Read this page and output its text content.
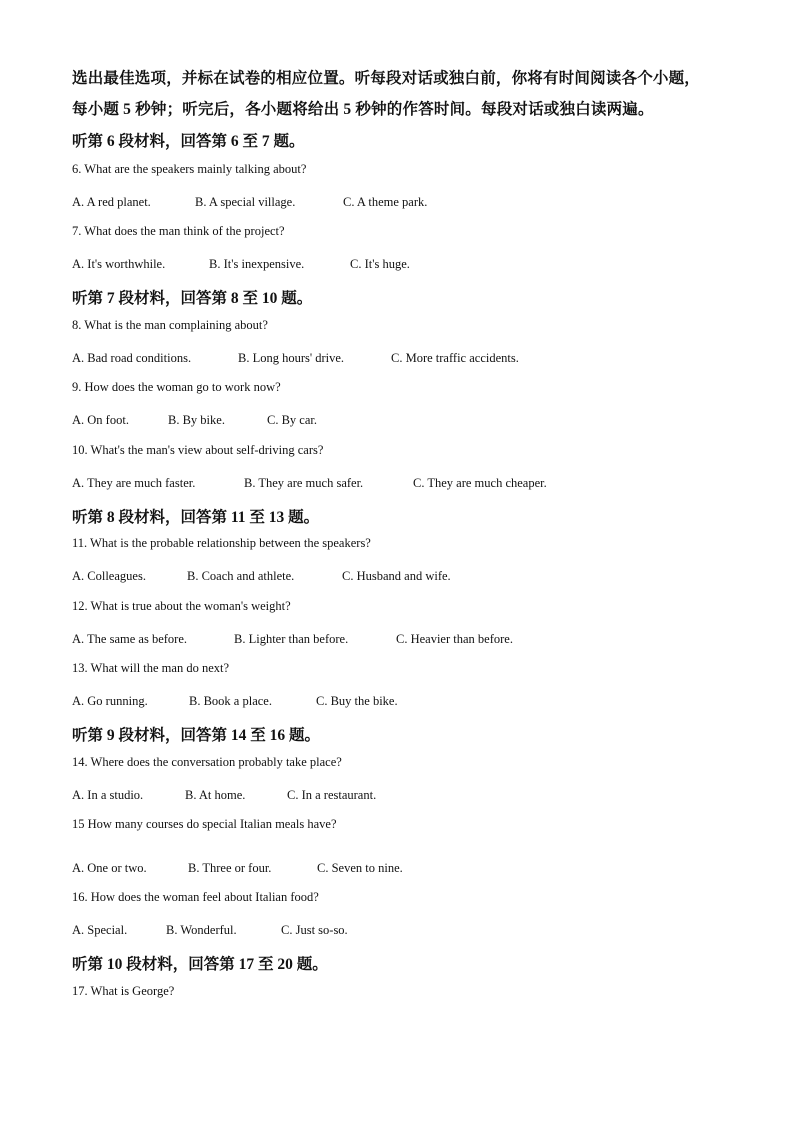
选出最佳选项，并标在试卷的相应位置。听每段对话或独白前，你将有时间阅读各个小题，
每小题 5 秒钟；听完后，各小题将给出 5 秒钟的作答时间。每段对话或独白读两遍。
听第 6 段材料，回答第 6 至 7 题。
6. What are the speakers mainly talking about?
A. A red planet.	B. A special village.	C. A theme park.
7. What does the man think of the project?
A. It's worthwhile.	B. It's inexpensive.	C. It's huge.
听第 7 段材料，回答第 8 至 10 题。
8. What is the man complaining about?
A. Bad road conditions.	B. Long hours' drive.	C. More traffic accidents.
9. How does the woman go to work now?
A. On foot.	B. By bike.	C. By car.
10. What's the man's view about self-driving cars?
A. They are much faster.	B. They are much safer.	C. They are much cheaper.
听第 8 段材料，回答第 11 至 13 题。
11. What is the probable relationship between the speakers?
A. Colleagues.	B. Coach and athlete.	C. Husband and wife.
12. What is true about the woman's weight?
A. The same as before.	B. Lighter than before.	C. Heavier than before.
13. What will the man do next?
A. Go running.	B. Book a place.	C. Buy the bike.
听第 9 段材料，回答第 14 至 16 题。
14. Where does the conversation probably take place?
A. In a studio.	B. At home.	C. In a restaurant.
15 How many courses do special Italian meals have?
A. One or two.	B. Three or four.	C. Seven to nine.
16. How does the woman feel about Italian food?
A. Special.	B. Wonderful.	C. Just so-so.
听第 10 段材料，回答第 17 至 20 题。
17. What is George?
